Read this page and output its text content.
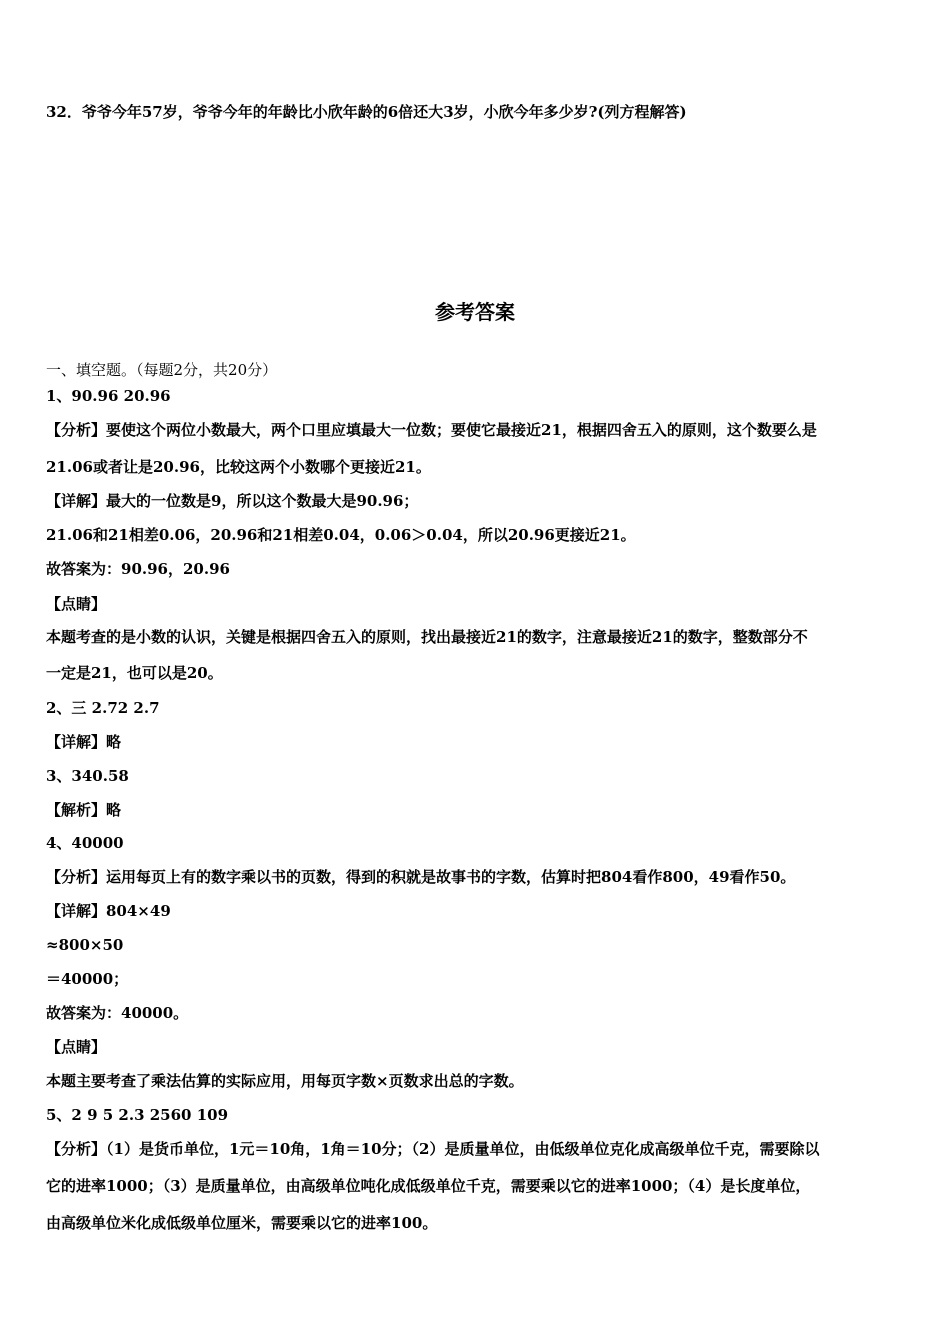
32．爷爷今年57岁，爷爷今年的年龄比小欣年龄的6倍还大3岁，小欣今年多少岁?(列方程解答)
参考答案
一、填空题。（每题2分，共20分）
1、90.96 20.96
【分析】要使这个两位小数最大，两个口里应填最大一位数；要使它最接近21，根据四舍五入的原则，这个数要么是
21.06或者让是20.96，比较这两个小数哪个更接近21。
【详解】最大的一位数是9，所以这个数最大是90.96；
21.06和21相差0.06，20.96和21相差0.04，0.06＞0.04，所以20.96更接近21。
故答案为：90.96，20.96
【点睛】
本题考查的是小数的认识，关键是根据四舍五入的原则，找出最接近21的数字，注意最接近21的数字，整数部分不
一定是21，也可以是20。
2、三 2.72 2.7
【详解】略
3、340.58
【解析】略
4、40000
【分析】运用每页上有的数字乘以书的页数，得到的积就是故事书的字数，估算时把804看作800，49看作50。
【详解】804×49
≈800×50
＝40000；
故答案为：40000。
【点睛】
本题主要考查了乘法估算的实际应用，用每页字数×页数求出总的字数。
5、2 9 5 2.3 2560 109
【分析】（1）是货币单位，1元＝10角，1角＝10分；（2）是质量单位，由低级单位克化成高级单位千克，需要除以
它的进率1000；（3）是质量单位，由高级单位吨化成低级单位千克，需要乘以它的进率1000；（4）是长度单位，
由高级单位米化成低级单位厘米，需要乘以它的进率100。
